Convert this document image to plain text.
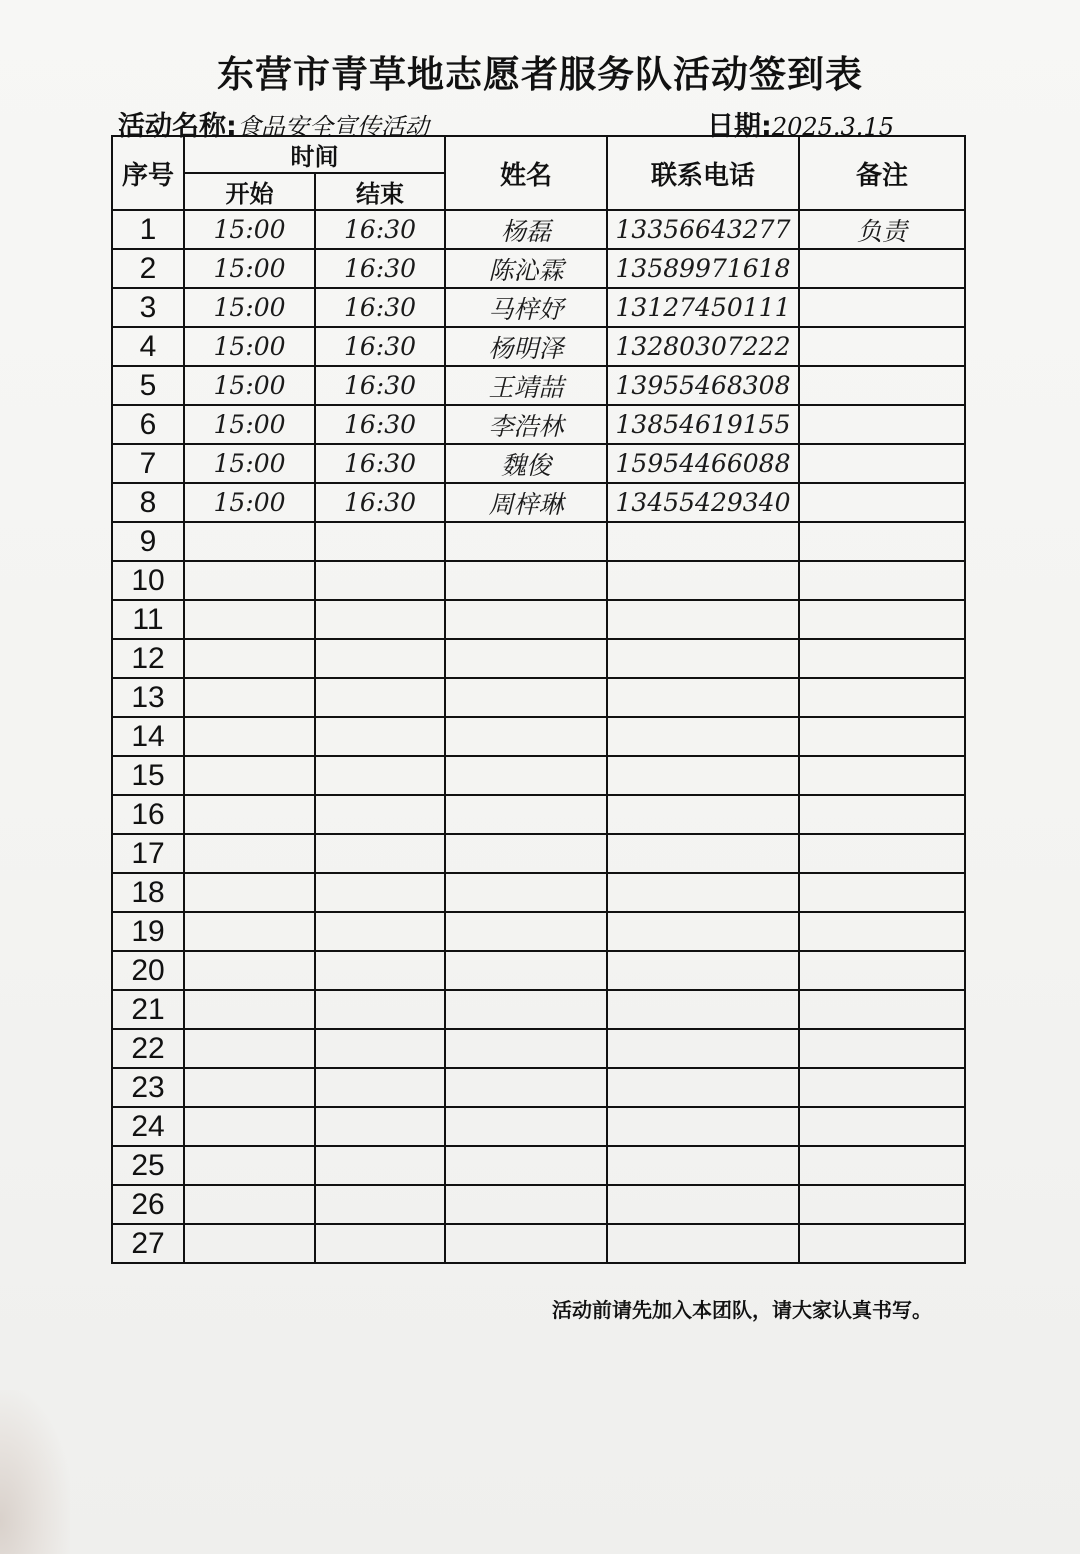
东营市青草地志愿者服务队活动签到表
活动名称:食品安全宣传活动	日期:2025.3.15
序号	时间		姓名	联系电话	备注
	开始	结束			
1	15:00	16:30	杨磊	13356643277	负责
2	15:00	16:30	陈沁霖	13589971618	
3	15:00	16:30	马梓妤	13127450111	
4	15:00	16:30	杨明泽	13280307222	
5	15:00	16:30	王靖喆	13955468308	
6	15:00	16:30	李浩林	13854619155	
7	15:00	16:30	魏俊	15954466088	
8	15:00	16:30	周梓琳	13455429340	
9					
10					
11					
12					
13					
14					
15					
16					
17					
18					
19					
20					
21					
22					
23					
24					
25					
26					
27					
活动前请先加入本团队，请大家认真书写。
